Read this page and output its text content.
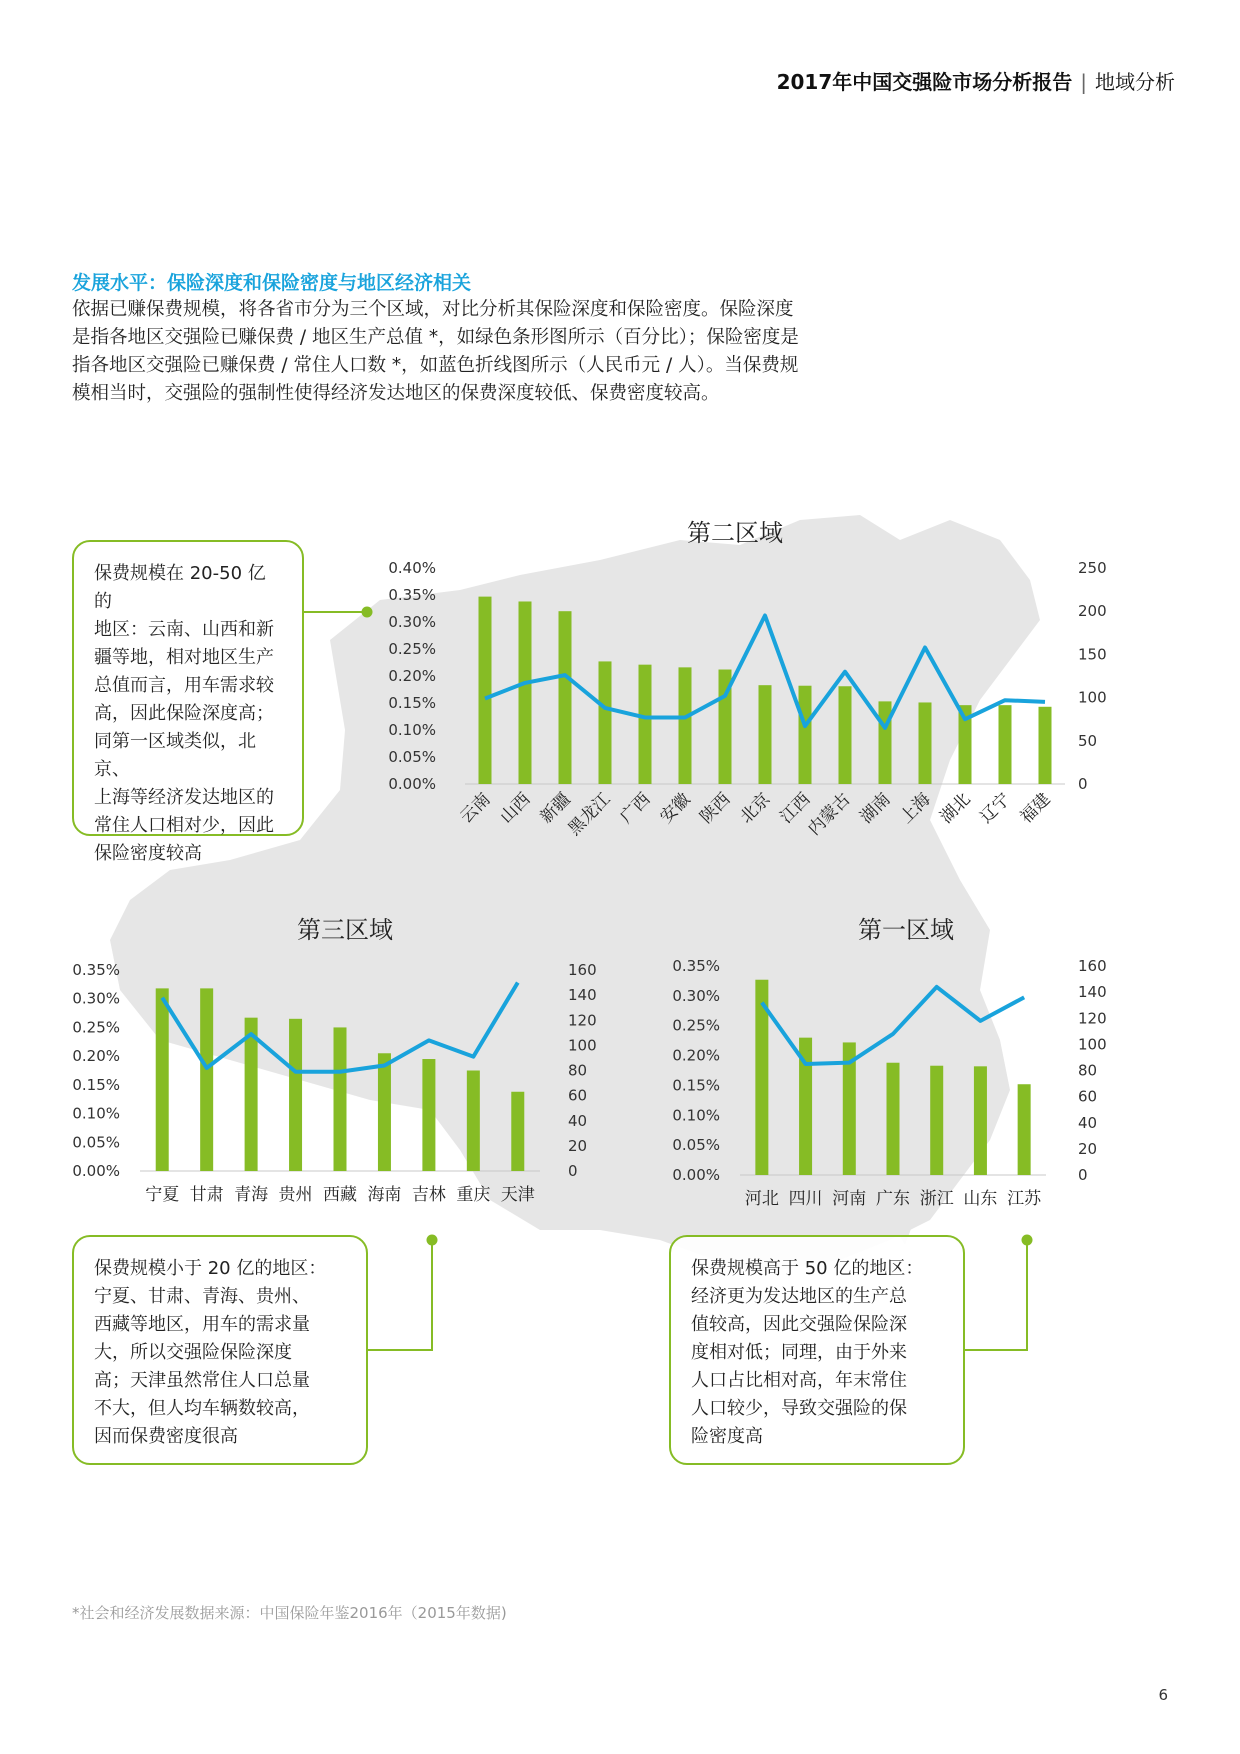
2017年中国交强险市场分析报告 | 地域分析
发展水平：保险深度和保险密度与地区经济相关
依据已赚保费规模，将各省市分为三个区域，对比分析其保险深度和保险密度。保险深度是指各地区交强险已赚保费 / 地区生产总值 *，如绿色条形图所示（百分比）；保险密度是指各地区交强险已赚保费 / 常住人口数 *，如蓝色折线图所示（人民币元 / 人）。当保费规模相当时，交强险的强制性使得经济发达地区的保费深度较低、保费密度较高。
第二区域
0.00%
0.05%
0.10%
0.15%
0.20%
0.25%
0.30%
0.35%
0.40%
0
50
100
150
200
250
云南 山西 新疆
黑龙江 广西 安徽 陕西 北京 江西
内蒙古 湖南 上海 湖北 辽宁 福建
第三区域
0.00%
0.05%
0.10%
0.15%
0.20%
0.25%
0.30%
0.35%
0
20
40
60
80
100
120
140
160
宁夏 甘肃 青海 贵州 西藏 海南 吉林 重庆 天津
第一区域
0.00%
0.05%
0.10%
0.15%
0.20%
0.25%
0.30%
0.35%
0
20
40
60
80
100
120
140
160
河北 四川 河南 广东 浙江 山东 江苏
保费规模在 20-50 亿的
地区：云南、山西和新
疆等地，相对地区生产
总值而言，用车需求较
高，因此保险深度高；
同第一区域类似，北京、
上海等经济发达地区的
常住人口相对少，因此
保险密度较高
保费规模小于 20 亿的地区：
宁夏、甘肃、青海、贵州、
西藏等地区，用车的需求量
大，所以交强险保险深度
高；天津虽然常住人口总量
不大，但人均车辆数较高，
因而保费密度很高
保费规模高于 50 亿的地区：
经济更为发达地区的生产总
值较高，因此交强险保险深
度相对低；同理，由于外来
人口占比相对高，年末常住
人口较少，导致交强险的保
险密度高
*社会和经济发展数据来源：中国保险年鉴2016年（2015年数据)
6
